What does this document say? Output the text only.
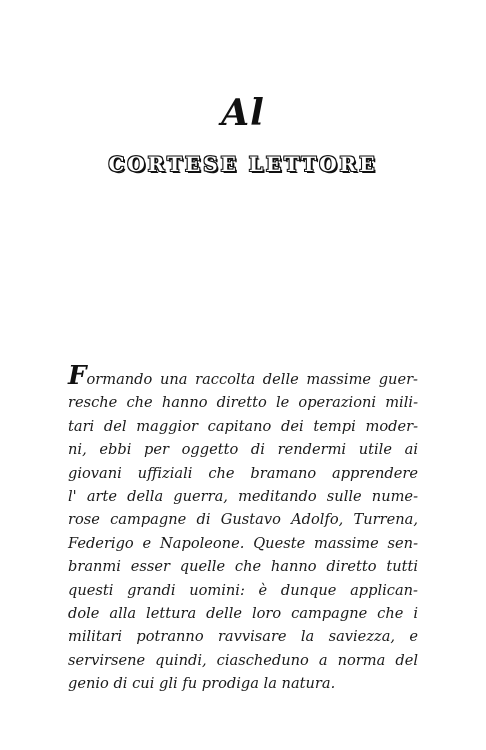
Al
CORTESE LETTORE
Formando una raccolta delle massime guer-
resche che hanno diretto le operazioni mili-
tari del maggior capitano dei tempi moder-
ni, ebbi per oggetto di rendermi utile ai
giovani uffiziali che bramano apprendere
l' arte della guerra, meditando sulle nume-
rose campagne di Gustavo Adolfo, Turrena,
Federigo e Napoleone. Queste massime sen-
branmi esser quelle che hanno diretto tutti
questi grandi uomini: è dunque applican-
dole alla lettura delle loro campagne che i
militari potranno ravvisare la saviezza, e
servirsene quindi, ciascheduno a norma del
genio di cui gli fu prodiga la natura.
